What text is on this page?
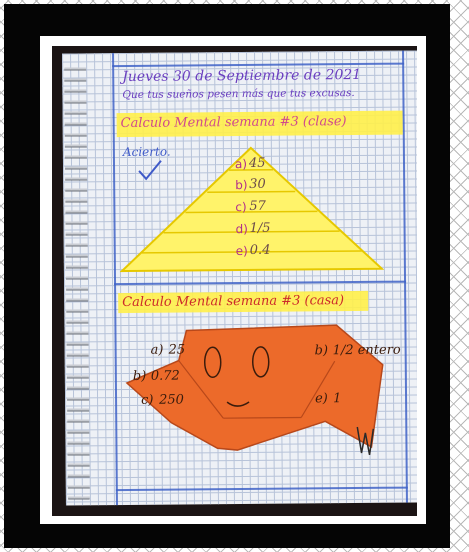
Jueves 30 de Septiembre de 2021
Que tus sueños pesen más que tus excusas.
Calculo Mental semana #3 (clase)
Acierto.
a) 45
b) 30
c) 57
d) 1/5
e) 0.4
Calculo Mental semana #3 (casa)
a) 25	b) 1/2 entero
b) 0.72
c) 250	e) 1
